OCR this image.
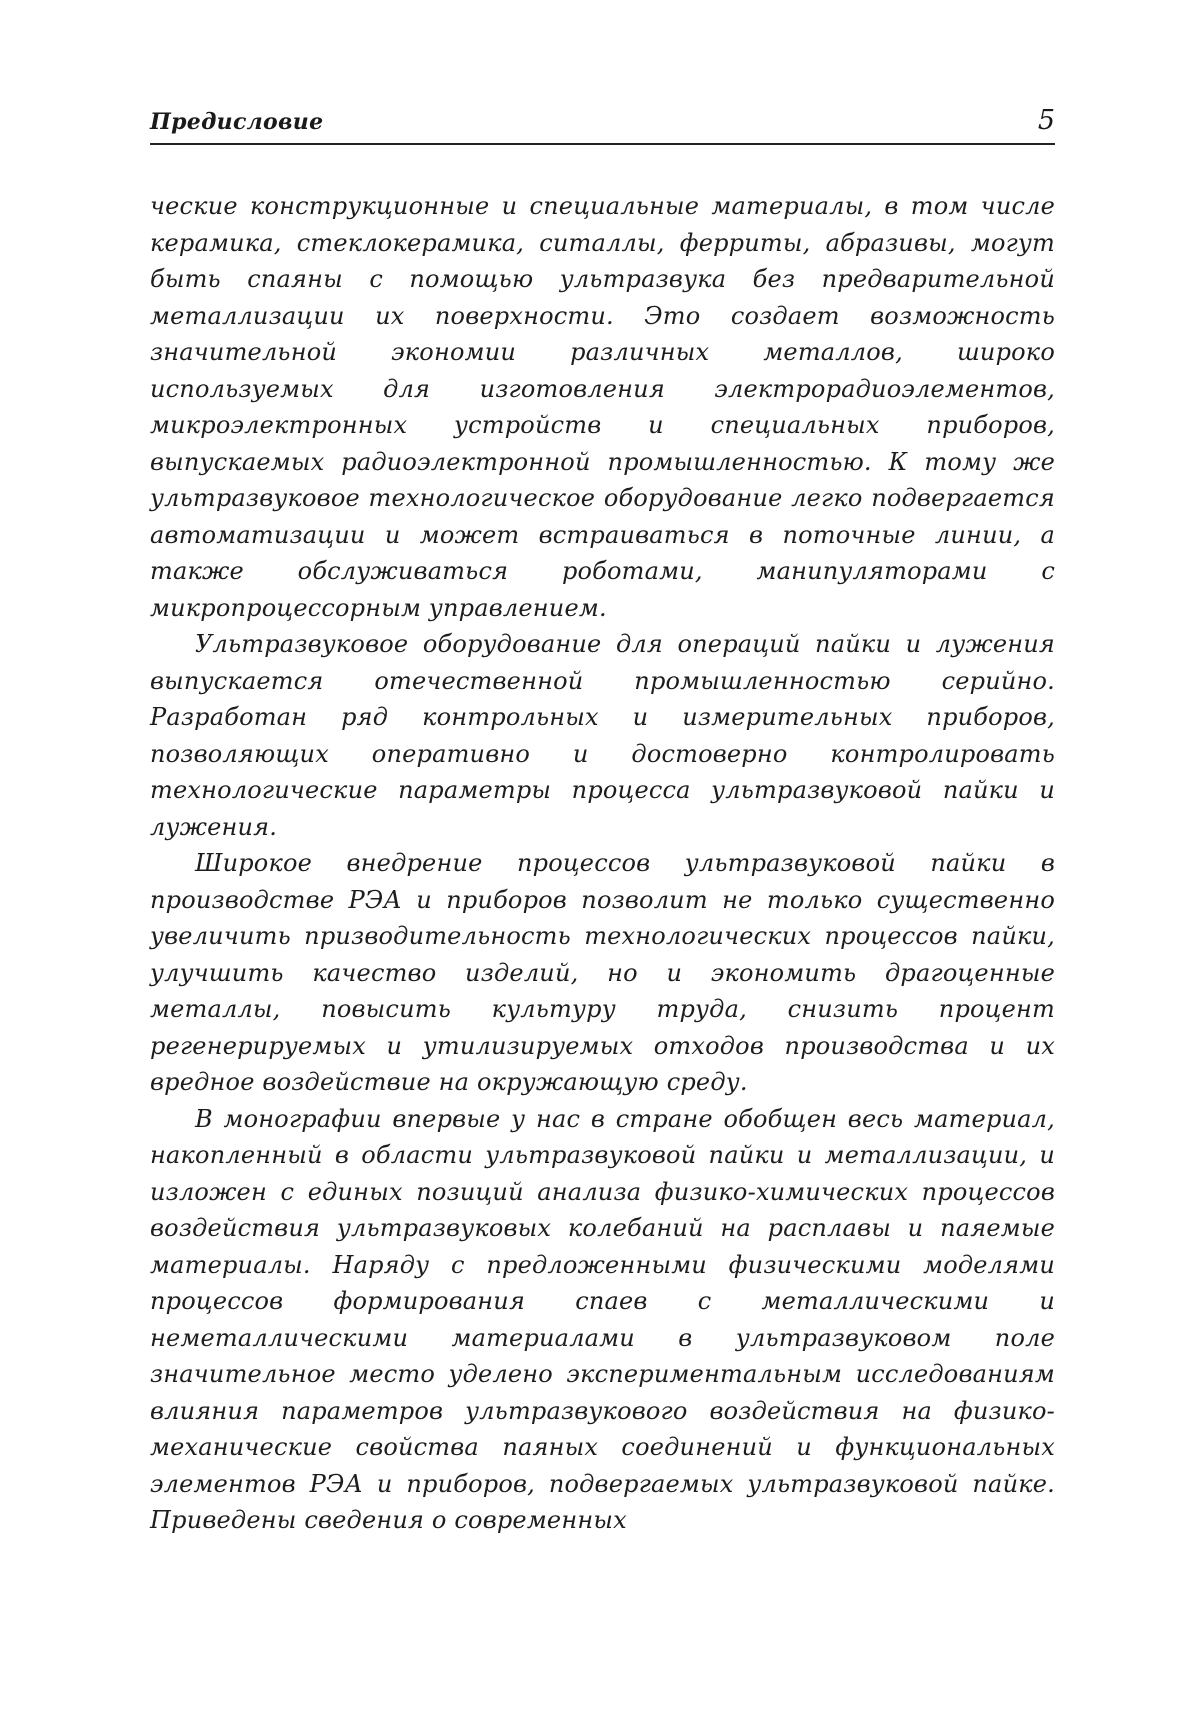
Предисловие	5

ческие конструкционные и специальные материалы, в том числе керамика, стеклокерамика, ситаллы, ферриты, абразивы, могут быть спаяны с помощью ультразвука без предварительной металлизации их поверхности. Это создает возможность значительной экономии различных металлов, широко используемых для изготовления электрорадиоэлементов, микроэлектронных устройств и специальных приборов, выпускаемых радиоэлектронной промышленностью. К тому же ультразвуковое технологическое оборудование легко подвергается автоматизации и может встраиваться в поточные линии, а также обслуживаться роботами, манипуляторами с микропроцессорным управлением.

Ультразвуковое оборудование для операций пайки и лужения выпускается отечественной промышленностью серийно. Разработан ряд контрольных и измерительных приборов, позволяющих оперативно и достоверно контролировать технологические параметры процесса ультразвуковой пайки и лужения.

Широкое внедрение процессов ультразвуковой пайки в производстве РЭА и приборов позволит не только существенно увеличить призводительность технологических процессов пайки, улучшить качество изделий, но и экономить драгоценные металлы, повысить культуру труда, снизить процент регенерируемых и утилизируемых отходов производства и их вредное воздействие на окружающую среду.

В монографии впервые у нас в стране обобщен весь материал, накопленный в области ультразвуковой пайки и металлизации, и изложен с единых позиций анализа физико-химических процессов воздействия ультразвуковых колебаний на расплавы и паяемые материалы. Наряду с предложенными физическими моделями процессов формирования спаев с металлическими и неметаллическими материалами в ультразвуковом поле значительное место уделено экспериментальным исследованиям влияния параметров ультразвукового воздействия на физико-механические свойства паяных соединений и функциональных элементов РЭА и приборов, подвергаемых ультразвуковой пайке. Приведены сведения о современных
